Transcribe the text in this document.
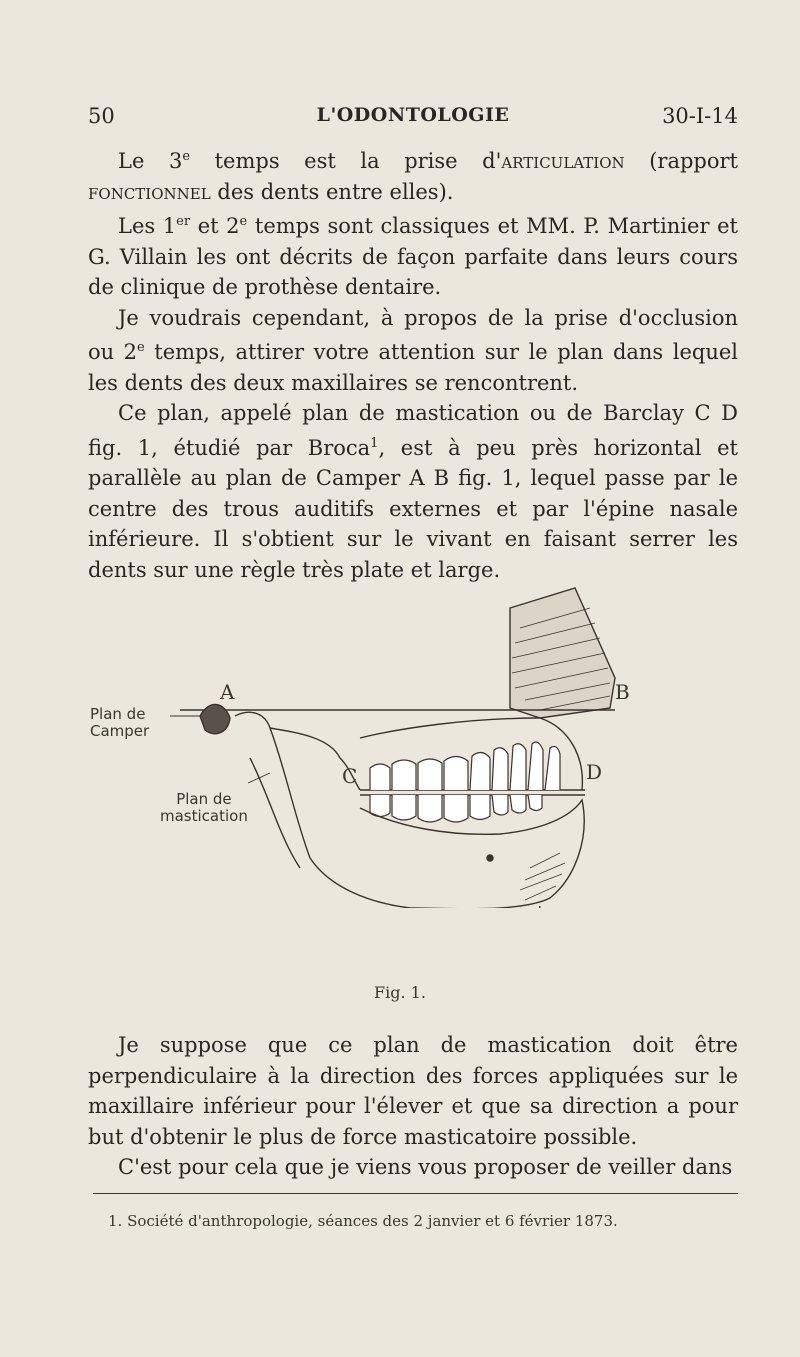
50	L'ODONTOLOGIE	30-I-14

Le 3e temps est la prise d'articulation (rapport fonctionnel des dents entre elles).

Les 1er et 2e temps sont classiques et MM. P. Martinier et G. Villain les ont décrits de façon parfaite dans leurs cours de clinique de prothèse dentaire.

Je voudrais cependant, à propos de la prise d'occlusion ou 2e temps, attirer votre attention sur le plan dans lequel les dents des deux maxillaires se rencontrent.

Ce plan, appelé plan de mastication ou de Barclay C D fig. 1, étudié par Broca$^1$, est à peu près horizontal et parallèle au plan de Camper A B fig. 1, lequel passe par le centre des trous auditifs externes et par l'épine nasale inférieure. Il s'obtient sur le vivant en faisant serrer les dents sur une règle très plate et large.

Plan de
Camper
Plan de
mastication
A	B
C	D
Fig. 1.

Je suppose que ce plan de mastication doit être perpendiculaire à la direction des forces appliquées sur le maxillaire inférieur pour l'élever et que sa direction a pour but d'obtenir le plus de force masticatoire possible.

C'est pour cela que je viens vous proposer de veiller dans

1. Société d'anthropologie, séances des 2 janvier et 6 février 1873.
